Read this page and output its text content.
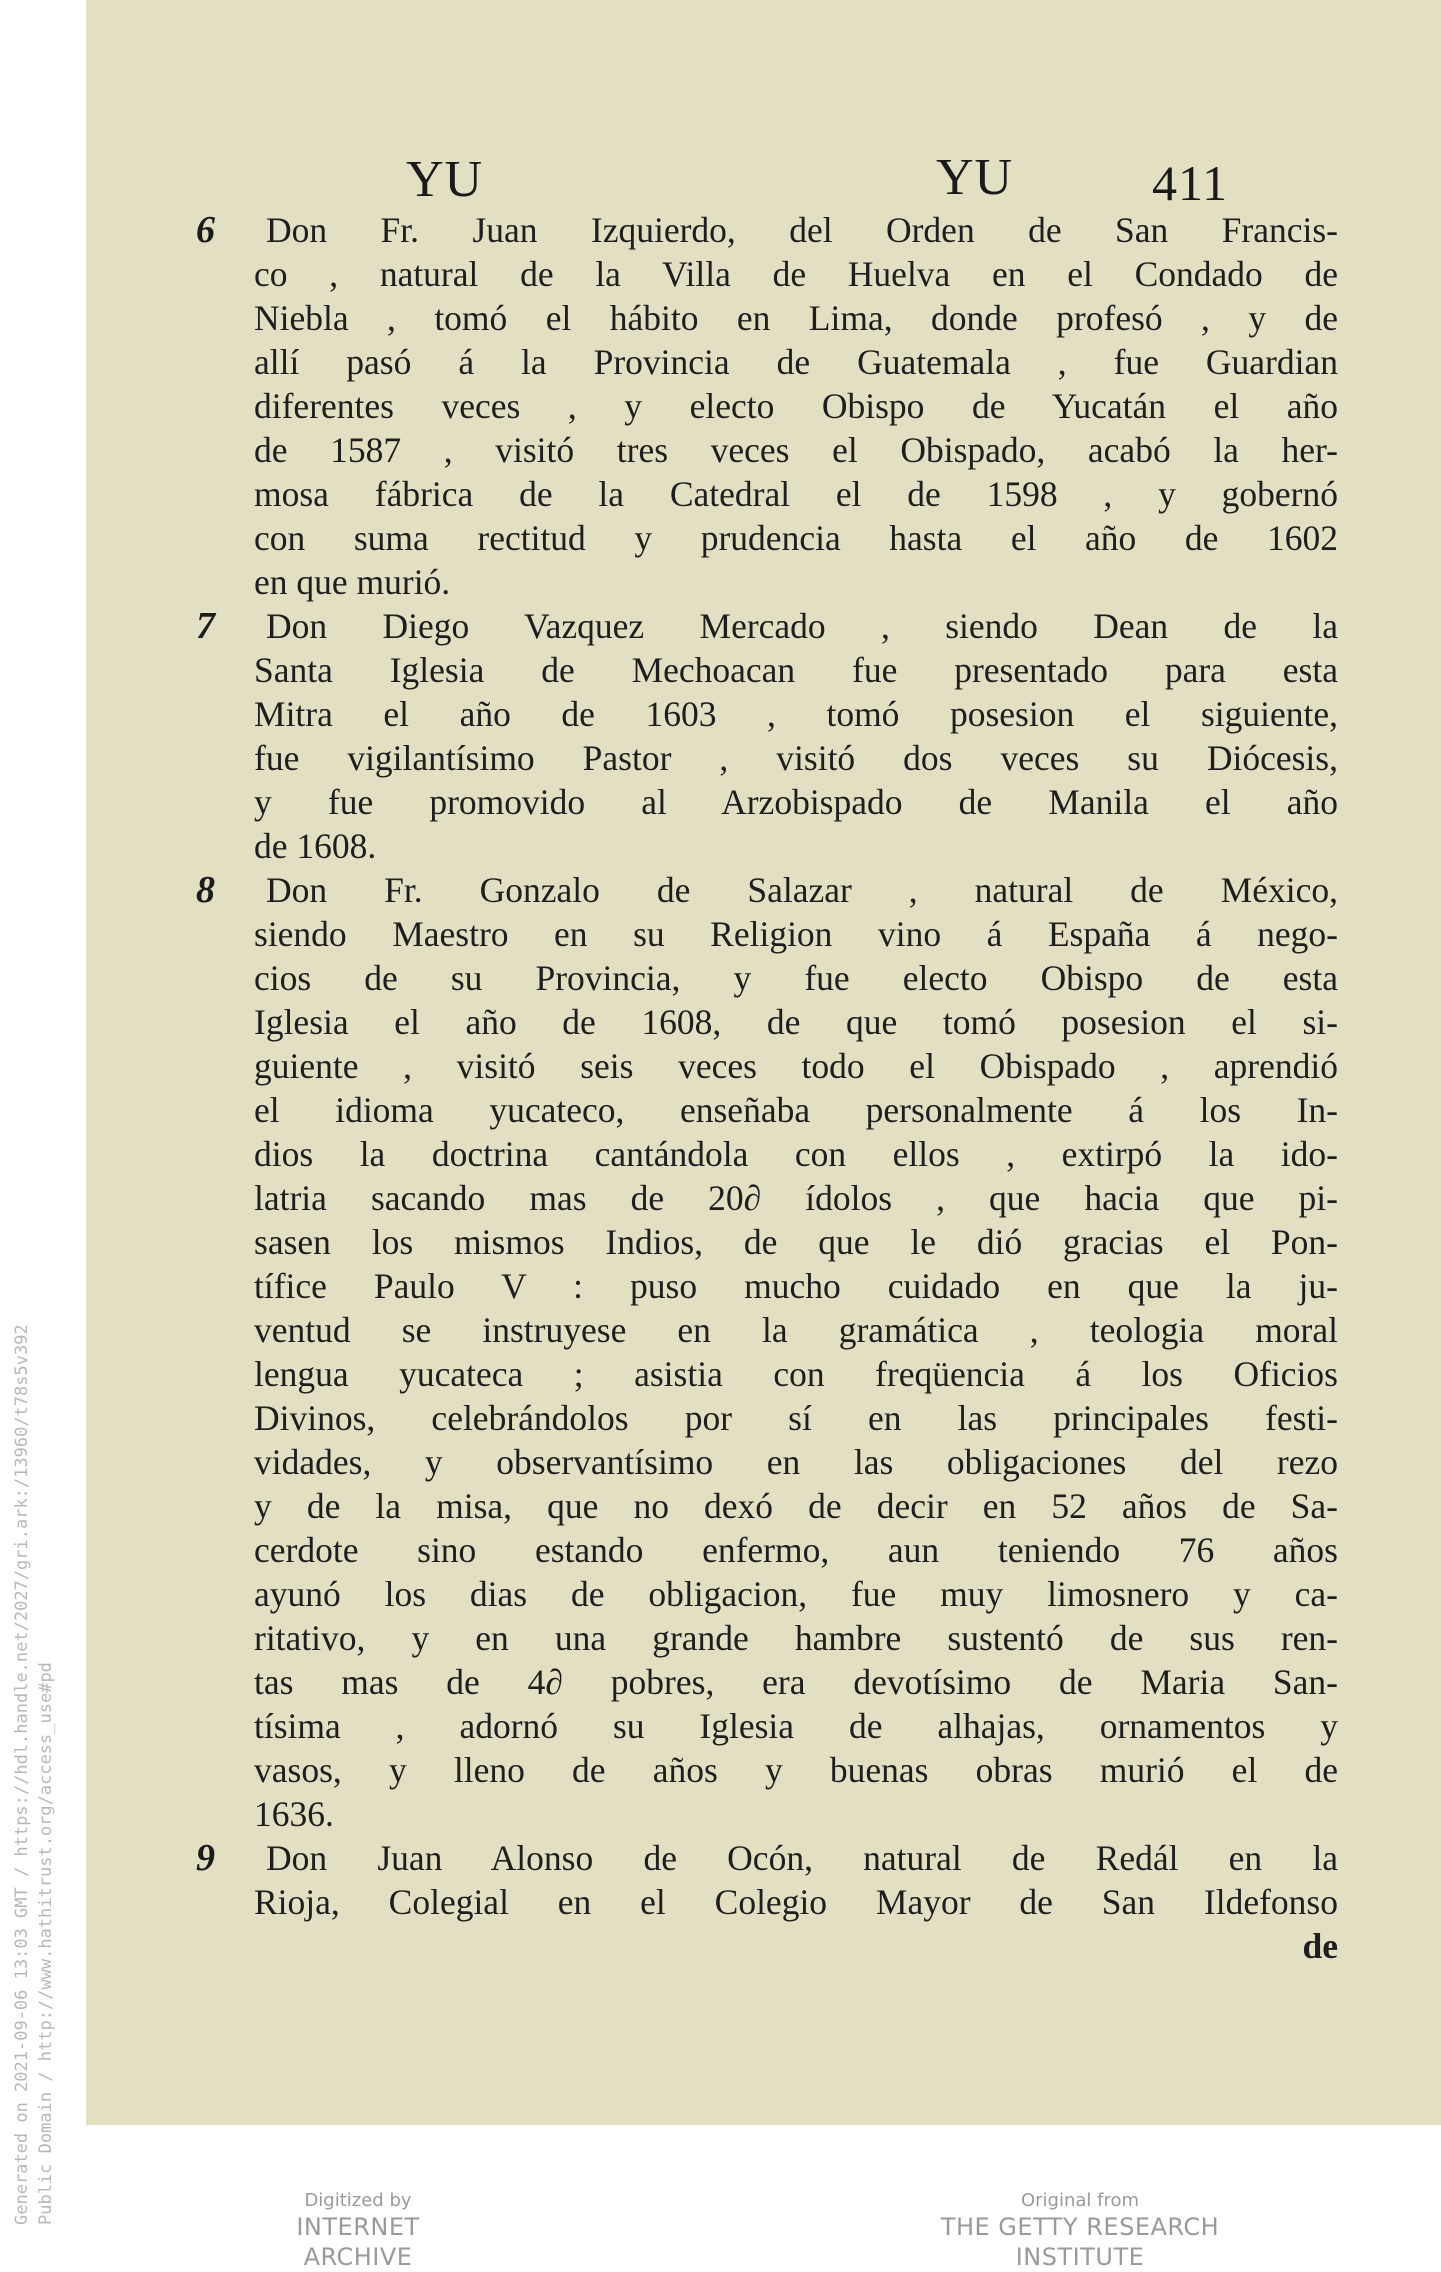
Generated on 2021-09-06 13:03 GMT / https://hdl.handle.net/2027/gri.ark:/13960/t78s5v392 Public Domain / http://www.hathitrust.org/access_use#pd
YU	YU	411
6 Don Fr. Juan Izquierdo, del Orden de San Francis-
co , natural de la Villa de Huelva en el Condado de
Niebla , tomó el hábito en Lima, donde profesó , y de
allí pasó á la Provincia de Guatemala , fue Guardian
diferentes veces , y electo Obispo de Yucatán el año
de 1587 , visitó tres veces el Obispado, acabó la her-
mosa fábrica de la Catedral el de 1598 , y gobernó
con suma rectitud y prudencia hasta el año de 1602
en que murió.
7 Don Diego Vazquez Mercado , siendo Dean de la
Santa Iglesia de Mechoacan fue presentado para esta
Mitra el año de 1603 , tomó posesion el siguiente,
fue vigilantísimo Pastor , visitó dos veces su Diócesis,
y fue promovido al Arzobispado de Manila el año
de 1608.
8 Don Fr. Gonzalo de Salazar , natural de México,
siendo Maestro en su Religion vino á España á nego-
cios de su Provincia, y fue electo Obispo de esta
Iglesia el año de 1608, de que tomó posesion el si-
guiente , visitó seis veces todo el Obispado , aprendió
el idioma yucateco, enseñaba personalmente á los In-
dios la doctrina cantándola con ellos , extirpó la ido-
latria sacando mas de 20∂ ídolos , que hacia que pi-
sasen los mismos Indios, de que le dió gracias el Pon-
tífice Paulo V : puso mucho cuidado en que la ju-
ventud se instruyese en la gramática , teologia moral
lengua yucateca ; asistia con freqüencia á los Oficios
Divinos, celebrándolos por sí en las principales festi-
vidades, y observantísimo en las obligaciones del rezo
y de la misa, que no dexó de decir en 52 años de Sa-
cerdote sino estando enfermo, aun teniendo 76 años
ayunó los dias de obligacion, fue muy limosnero y ca-
ritativo, y en una grande hambre sustentó de sus ren-
tas mas de 4∂ pobres, era devotísimo de Maria San-
tísima , adornó su Iglesia de alhajas, ornamentos y
vasos, y lleno de años y buenas obras murió el de
1636.
9 Don Juan Alonso de Ocón, natural de Redál en la
Rioja, Colegial en el Colegio Mayor de San Ildefonso
de
Digitized by
INTERNET ARCHIVE
Original from
THE GETTY RESEARCH INSTITUTE
